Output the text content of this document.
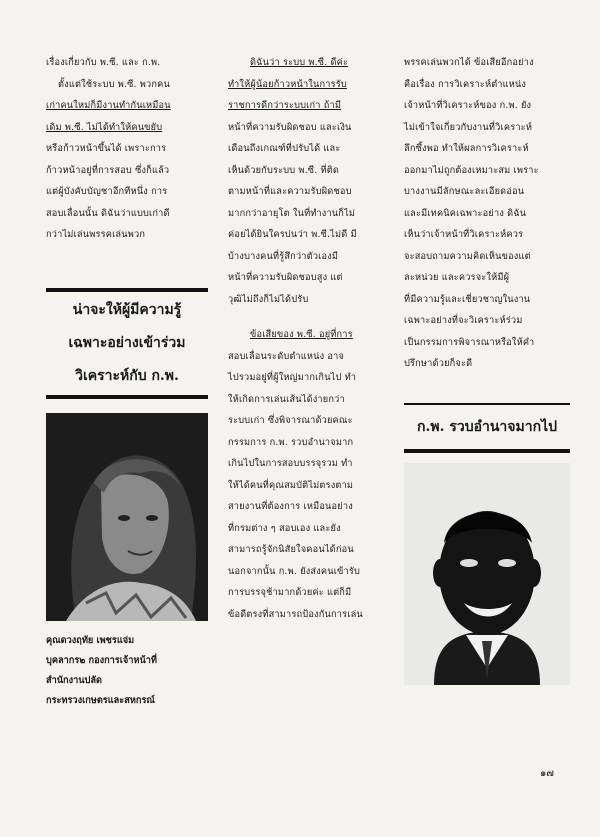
เรื่องเกี่ยวกับ พ.ซี. และ ก.พ.

ตั้งแต่ใช้ระบบ พ.ซี. พวกคน

เก่าคนใหม่ก็มีงานทำกันเหมือน

เดิม พ.ซี. ไม่ได้ทำให้คนขยับ

หรือก้าวหน้าขึ้นได้ เพราะการ

ก้าวหน้าอยู่ที่การสอบ ซึ่งก็แล้ว

แต่ผู้บังคับบัญชาอีกทีหนึ่ง การ

สอบเลื่อนนั้น ดิฉันว่าแบบเก่าดี

กว่าไม่เล่นพรรคเล่นพวก

น่าจะให้ผู้มีความรู้

เฉพาะอย่างเข้าร่วม

วิเคราะห์กับ ก.พ.

คุณดวงฤทัย เพชรแจ่ม

บุคลากร๒ กองการเจ้าหน้าที่

สำนักงานปลัด

กระทรวงเกษตรและสหกรณ์

ดิฉันว่า ระบบ พ.ซี. ดีค่ะ

ทำให้ผู้น้อยก้าวหน้าในการรับ

ราชการดีกว่าระบบเก่า ถ้ามี

หน้าที่ความรับผิดชอบ และเงิน

เดือนถึงเกณฑ์ที่ปรับได้ และ

เห็นด้วยกับระบบ พ.ซี. ที่ติด

ตามหน้าที่และความรับผิดชอบ

มากกว่าอายุโต ในที่ทำงานก็ไม่

ค่อยได้ยินใครบ่นว่า พ.ซี.ไม่ดี มี

บ้างบางคนที่รู้สึกว่าตัวเองมี

หน้าที่ความรับผิดชอบสูง แต่

วุฒิไม่ถึงก็ไม่ได้ปรับ

ข้อเสียของ พ.ซี. อยู่ที่การ

สอบเลื่อนระดับตำแหน่ง อาจ

ไปรวมอยู่ที่ผู้ใหญ่มากเกินไป ทำ

ให้เกิดการเล่นเส้นได้ง่ายกว่า

ระบบเก่า ซึ่งพิจารณาด้วยคณะ

กรรมการ ก.พ. รวบอำนาจมาก

เกินไปในการสอบบรรจุรวม ทำ

ให้ได้คนที่คุณสมบัติไม่ตรงตาม

สายงานที่ต้องการ เหมือนอย่าง

ที่กรมต่าง ๆ สอบเอง และยัง

สามารถรู้จักนิสัยใจคอนได้ก่อน

นอกจากนั้น ก.พ. ยังส่งคนเข้ารับ

การบรรจุช้ามากด้วยค่ะ แต่ก็มี

ข้อดีตรงที่สามารถป้องกันการเล่น

พรรคเล่นพวกได้ ข้อเสียอีกอย่าง

คือเรื่อง การวิเคราะห์ตำแหน่ง

เจ้าหน้าที่วิเคราะห์ของ ก.พ. ยัง

ไม่เข้าใจเกี่ยวกับงานที่วิเคราะห์

ลึกซึ้งพอ ทำให้ผลการวิเคราะห์

ออกมาไม่ถูกต้องเหมาะสม เพราะ

บางงานมีลักษณะละเอียดอ่อน

และมีเทคนิคเฉพาะอย่าง ดิฉัน

เห็นว่าเจ้าหน้าที่วิเคราะห์ควร

จะสอบถามความคิดเห็นของแต่

ละหน่วย และควรจะให้มีผู้

ที่มีความรู้และเชี่ยวชาญในงาน

เฉพาะอย่างที่จะวิเคราะห์ร่วม

เป็นกรรมการพิจารณาหรือให้คำ

ปรึกษาด้วยก็จะดี

ก.พ. รวบอำนาจมากไป

๑๗
